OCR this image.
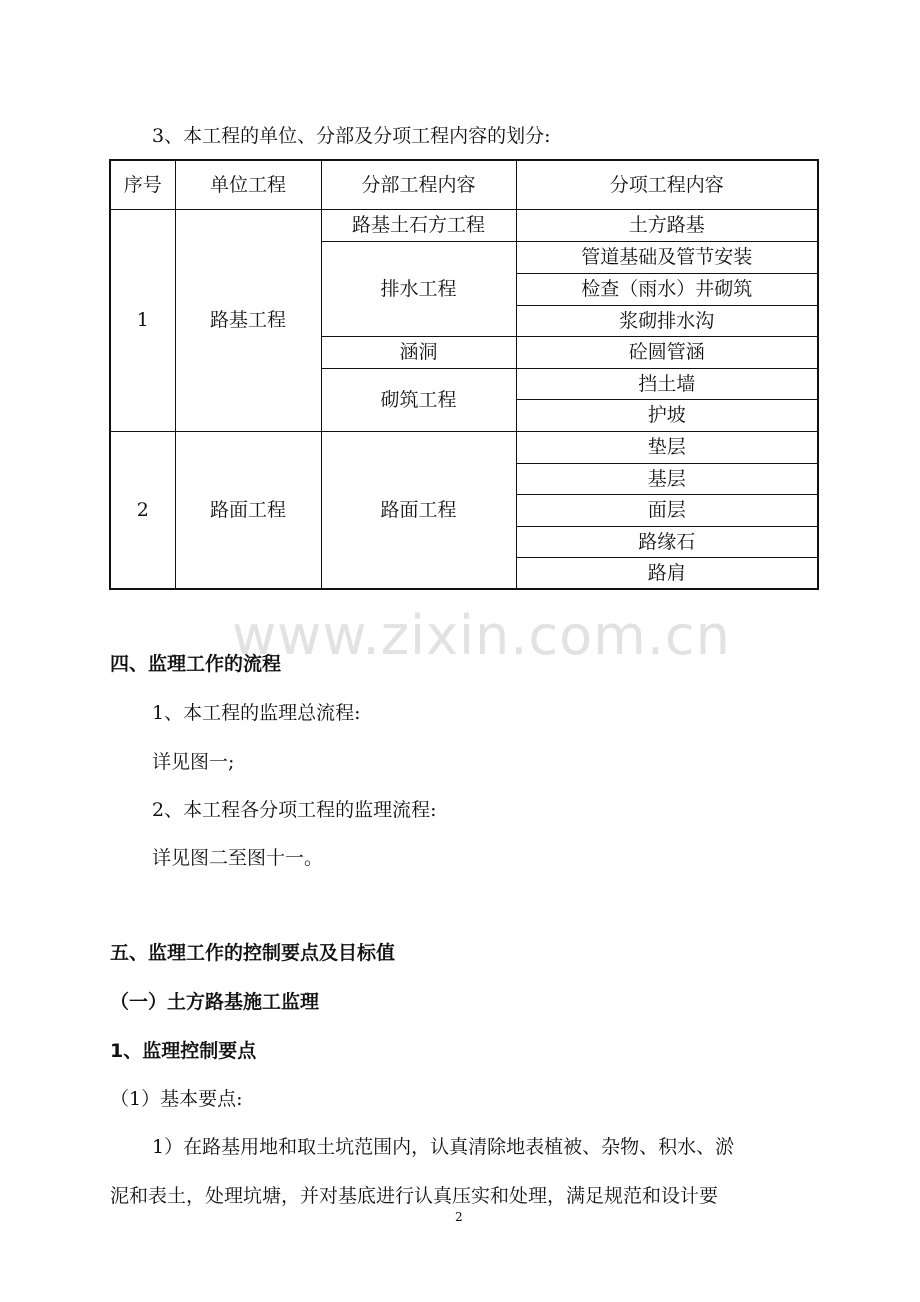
3、本工程的单位、分部及分项工程内容的划分:
序号	单位工程	分部工程内容	分项工程内容
1	路基工程	路基土石方工程	土方路基
		排水工程	管道基础及管节安装
			检查（雨水）井砌筑
			浆砌排水沟
		涵洞	砼圆管涵
		砌筑工程	挡土墙
			护坡
2	路面工程	路面工程	垫层
			基层
			面层
			路缘石
			路肩
www.zixin.com.cn
四、监理工作的流程
1、本工程的监理总流程:
详见图一;
2、本工程各分项工程的监理流程:
详见图二至图十一。
五、监理工作的控制要点及目标值
（一）土方路基施工监理
1、监理控制要点
（1）基本要点:
1）在路基用地和取土坑范围内，认真清除地表植被、杂物、积水、淤
泥和表土，处理坑塘，并对基底进行认真压实和处理，满足规范和设计要
2
